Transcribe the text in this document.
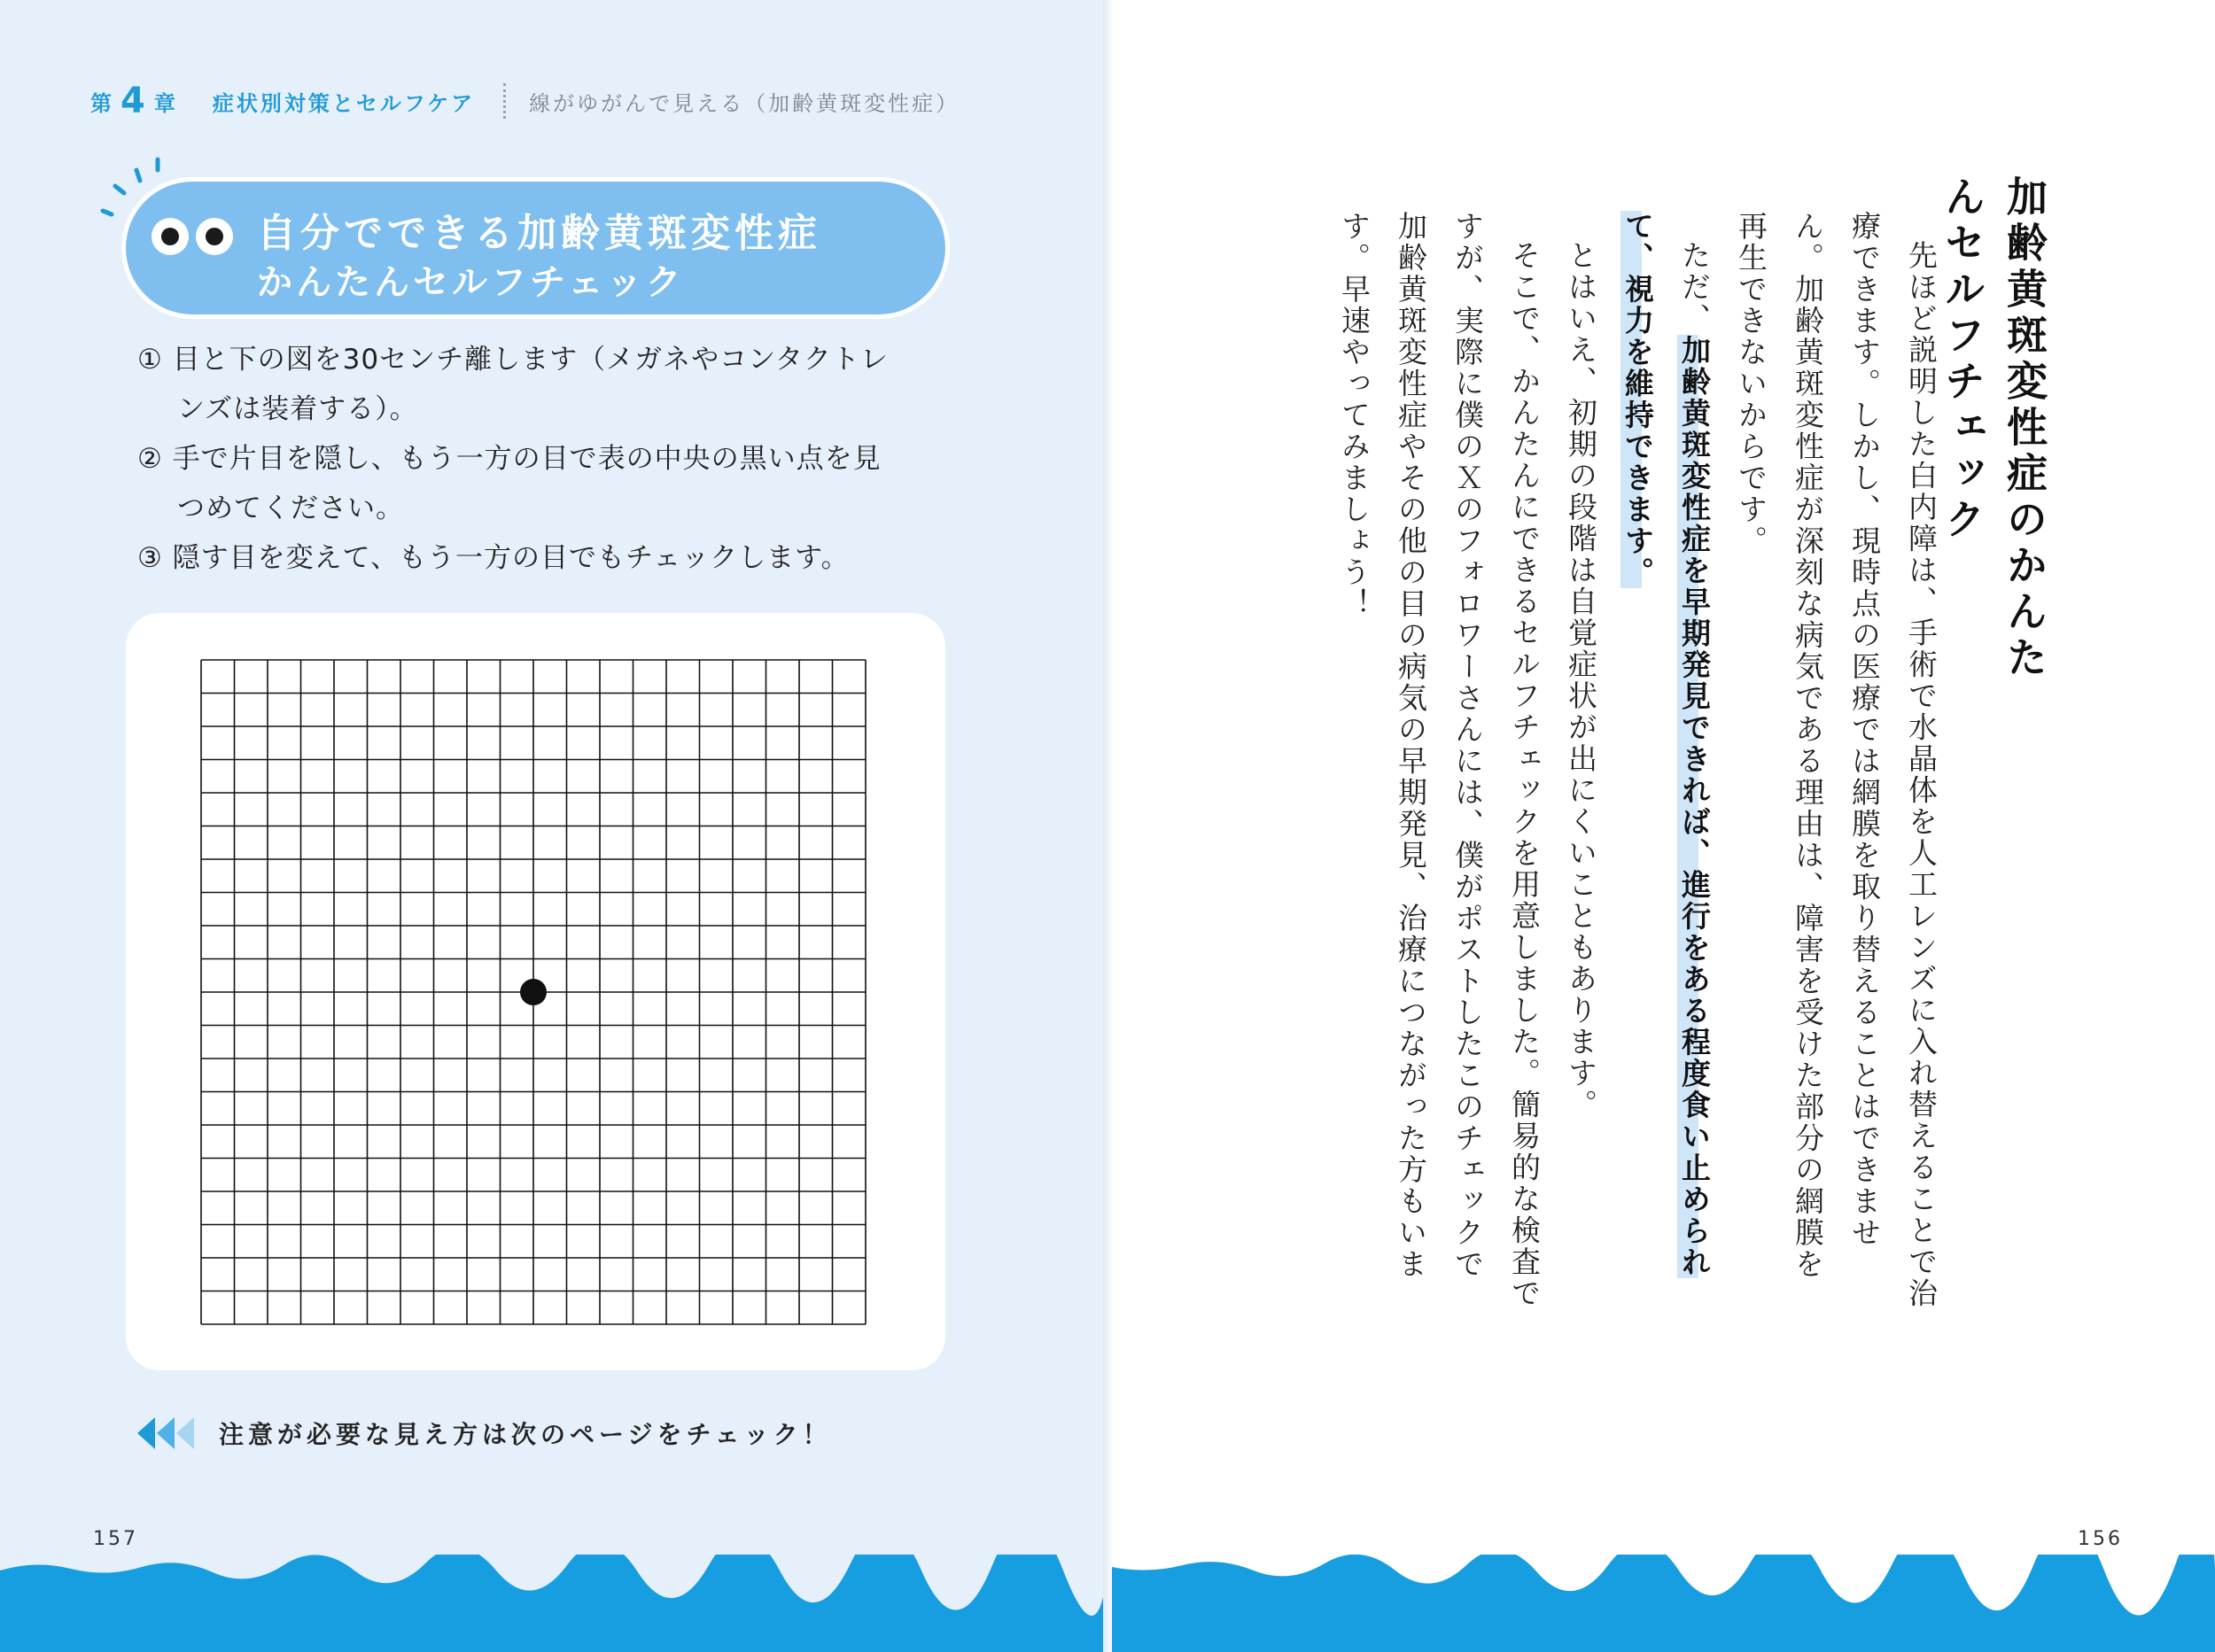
第 4 章 症状別対策とセルフケア	線がゆがんで見える（加齢黄斑変性症）
自分でできる加齢黄斑変性症
かんたんセルフチェック
① 目と下の図を30センチ離します（メガネやコンタクトレ
ンズは装着する）。
② 手で片目を隠し、もう一方の目で表の中央の黒い点を見
つめてください。
③ 隠す目を変えて、もう一方の目でもチェックします。
注意が必要な見え方は次のページをチェック！
157	156
加齢黄斑変性症のかんたんセルフチェック

先ほど説明した白内障は、手術で水晶体を人工レンズに入れ替えることで治療できます。しかし、現時点の医療では網膜を取り替えることはできません。加齢黄斑変性症が深刻な病気である理由は、障害を受けた部分の網膜を再生できないからです。

ただ、加齢黄斑変性症を早期発見できれば、進行をある程度食い止められて、視力を維持できます。

とはいえ、初期の段階は自覚症状が出にくいこともあります。

そこで、かんたんにできるセルフチェックを用意しました。簡易的な検査ですが、実際に僕のＸのフォロワーさんには、僕がポストしたこのチェックで加齢黄斑変性症やその他の目の病気の早期発見、治療につながった方もいます。早速やってみましょう！
